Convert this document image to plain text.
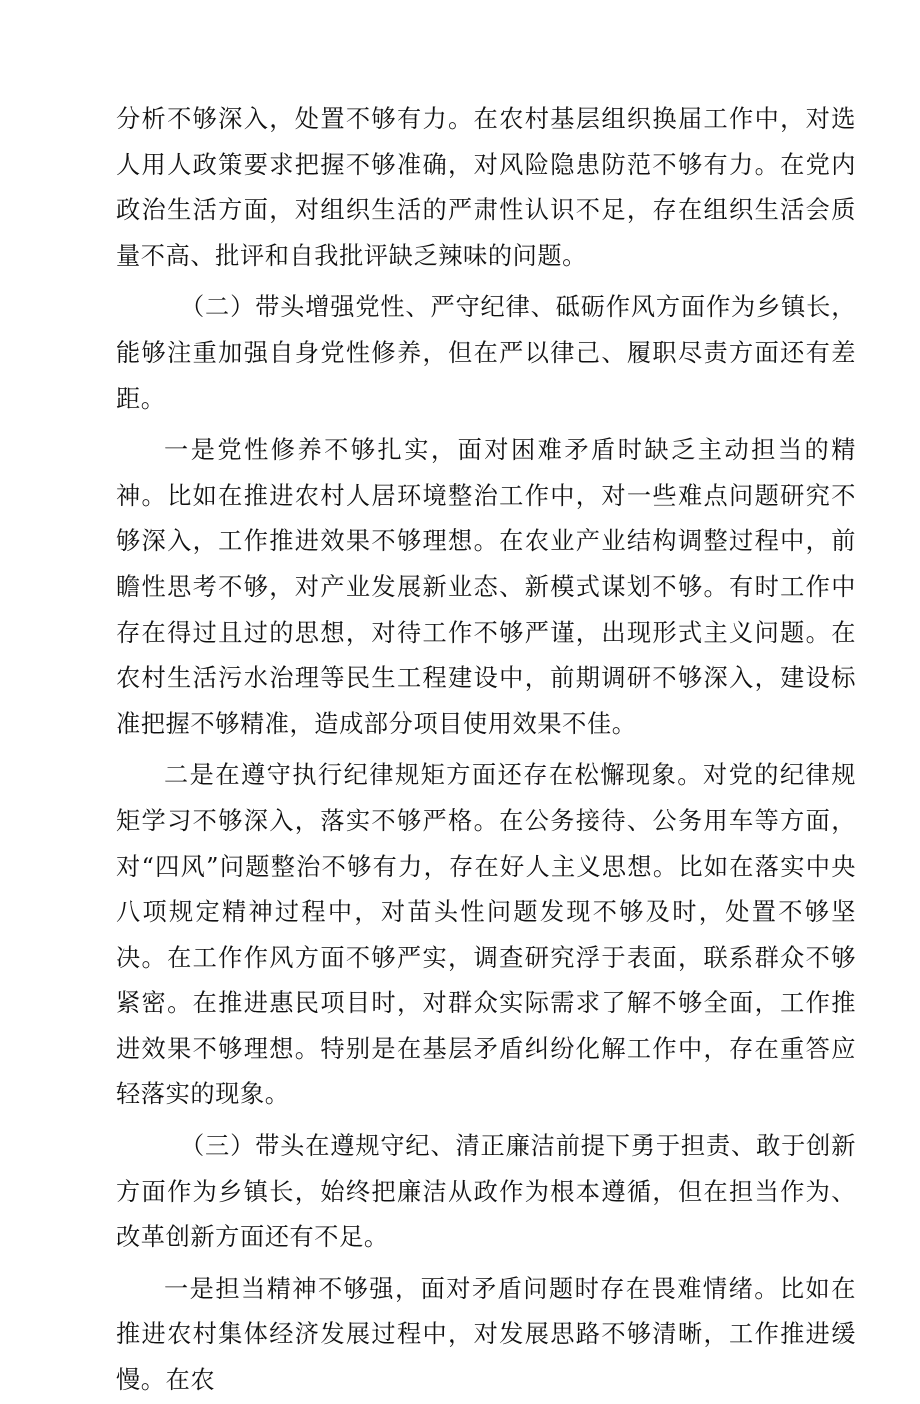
分析不够深入，处置不够有力。在农村基层组织换届工作中，对选人用人政策要求把握不够准确，对风险隐患防范不够有力。在党内政治生活方面，对组织生活的严肃性认识不足，存在组织生活会质量不高、批评和自我批评缺乏辣味的问题。

（二）带头增强党性、严守纪律、砥砺作风方面作为乡镇长，能够注重加强自身党性修养，但在严以律己、履职尽责方面还有差距。

一是党性修养不够扎实，面对困难矛盾时缺乏主动担当的精神。比如在推进农村人居环境整治工作中，对一些难点问题研究不够深入，工作推进效果不够理想。在农业产业结构调整过程中，前瞻性思考不够，对产业发展新业态、新模式谋划不够。有时工作中存在得过且过的思想，对待工作不够严谨，出现形式主义问题。在农村生活污水治理等民生工程建设中，前期调研不够深入，建设标准把握不够精准，造成部分项目使用效果不佳。

二是在遵守执行纪律规矩方面还存在松懈现象。对党的纪律规矩学习不够深入，落实不够严格。在公务接待、公务用车等方面，对“四风”问题整治不够有力，存在好人主义思想。比如在落实中央八项规定精神过程中，对苗头性问题发现不够及时，处置不够坚决。在工作作风方面不够严实，调查研究浮于表面，联系群众不够紧密。在推进惠民项目时，对群众实际需求了解不够全面，工作推进效果不够理想。特别是在基层矛盾纠纷化解工作中，存在重答应轻落实的现象。

（三）带头在遵规守纪、清正廉洁前提下勇于担责、敢于创新方面作为乡镇长，始终把廉洁从政作为根本遵循，但在担当作为、改革创新方面还有不足。

一是担当精神不够强，面对矛盾问题时存在畏难情绪。比如在推进农村集体经济发展过程中，对发展思路不够清晰，工作推进缓慢。在农
